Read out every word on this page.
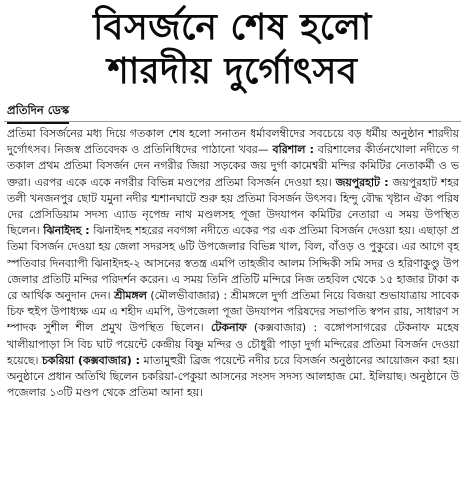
বিসর্জনে শেষ হলো
শারদীয় দুর্গোৎসব
প্রতিদিন ডেস্ক

প্রতিমা বিসর্জনের মধ্য দিয়ে গতকাল শেষ হলো সনাতন ধর্মাবলম্বীদের সবচেয়ে বড় ধর্মীয় অনুষ্ঠান শারদীয় দুর্গোৎসব। নিজস্ব প্রতিবেদক ও প্রতিনিধিদের পাঠানো খবর— বরিশাল : বরিশালের কীর্তনখোলা নদীতে গতকাল প্রথম প্রতিমা বিসর্জন দেন নগরীর জিয়া সড়কের জয় দুর্গা কামেশ্বরী মন্দির কমিটির নেতাকর্মী ও ভক্তরা। এরপর একে একে নগরীর বিভিন্ন মণ্ডপের প্রতিমা বিসর্জন দেওয়া হয়। জয়পুরহাট : জয়পুরহাট শহরতলী খনজনপুর ছোট যমুনা নদীর শ্মশানঘাটে শুরু হয় প্রতিমা বিসর্জন উৎসব। হিন্দু বৌদ্ধ খৃষ্টান ঐক্য পরিষদের প্রেসিডিয়াম সদস্য এ্যাড নৃপেন্দ্র নাথ মণ্ডলসহ পূজা উদযাপন কমিটির নেতারা এ সময় উপস্থিত ছিলেন। ঝিনাইদহ : ঝিনাইদহ শহরের নবগঙ্গা নদীতে একের পর এক প্রতিমা বিসর্জন দেওয়া হয়। এছাড়া প্রতিমা বিসর্জন দেওয়া হয় জেলা সদরসহ ৬টি উপজেলার বিভিন্ন খাল, বিল, বাঁওড় ও পুকুরে। এর আগে বৃহস্পতিবার দিনব্যাপী ঝিনাইদহ-২ আসনের স্বতন্ত্র এমপি তাহজীব আলম সিদ্দিকী সমি সদর ও হরিণাকুণ্ডু উপজেলার প্রতিটি মন্দির পরিদর্শন করেন। এ সময় তিনি প্রতিটি মন্দিরে নিজ তহবিল থেকে ১৫ হাজার টাকা করে আর্থিক অনুদান দেন। শ্রীমঙ্গল (মৌলভীবাজার) : শ্রীমঙ্গলে দুর্গা প্রতিমা নিয়ে বিজয়া শুভাযাত্রায় সাবেক চিফ হুইপ উপাধ্যক্ষ এম এ শহীদ এমপি, উপজেলা পূজা উদযাপন পরিষদের সভাপতি স্বপন রায়, সাধারণ সম্পাদক সুশীল শীল প্রমুখ উপস্থিত ছিলেন। টেকনাফ (কক্সবাজার) : বঙ্গোপসাগরের টেকনাফ মহেষখালীয়াপাড়া সি বিচ ঘাট পয়েন্টে কেন্দ্রীয় বিষ্ণু মন্দির ও চৌধুরী পাড়া দুর্গা মন্দিরের প্রতিমা বিসর্জন দেওয়া হয়েছে। চকরিয়া (কক্সবাজার) : মাতামুহুরী ব্রিজ পয়েন্টে নদীর চরে বিসর্জন অনুষ্ঠানের আয়োজন করা হয়। অনুষ্ঠানে প্রধান অতিথি ছিলেন চকরিয়া-পেকুয়া আসনের সংসদ সদস্য আলহাজ মো. ইলিয়াছ। অনুষ্ঠানে উপজেলার ১৩টি মণ্ডপ থেকে প্রতিমা আনা হয়।
